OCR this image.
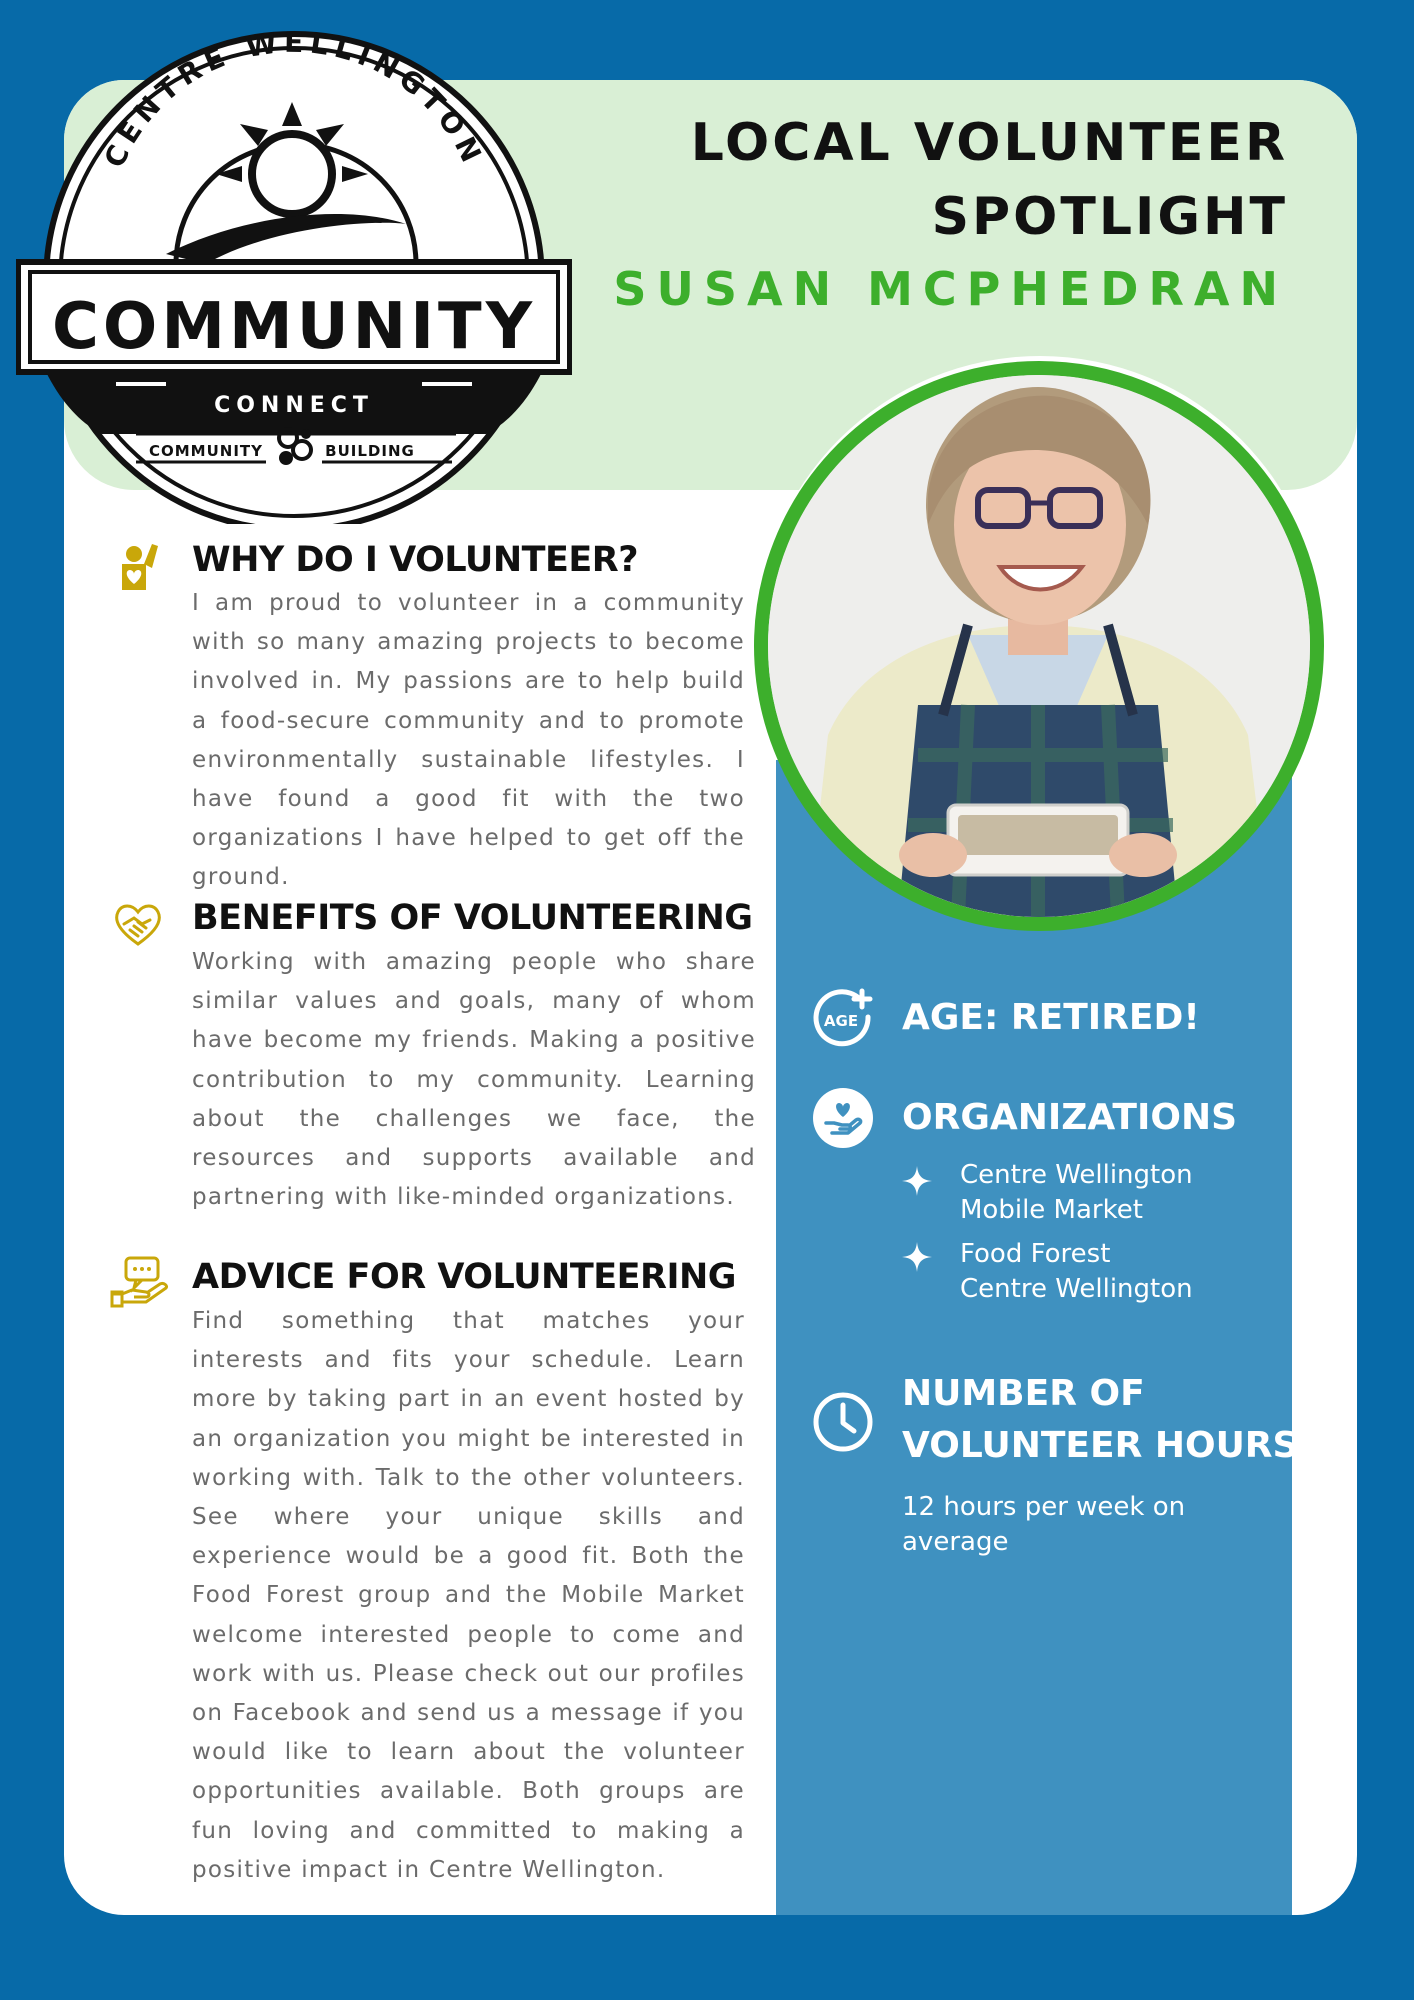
CENTRE WELLINGTON
COMMUNITY
CONNECT
COMMUNITY	BUILDING
LOCAL VOLUNTEER
SPOTLIGHT
SUSAN MCPHEDRAN
WHY DO I VOLUNTEER?
I am proud to volunteer in a community with so many amazing projects to become involved in. My passions are to help build a food-secure community and to promote environmentally sustainable lifestyles. I have found a good fit with the two organizations I have helped to get off the ground.
BENEFITS OF VOLUNTEERING
Working with amazing people who share similar values and goals, many of whom have become my friends. Making a positive contribution to my community. Learning about the challenges we face, the resources and supports available and partnering with like-minded organizations.
ADVICE FOR VOLUNTEERING
Find something that matches your interests and fits your schedule. Learn more by taking part in an event hosted by an organization you might be interested in working with. Talk to the other volunteers. See where your unique skills and experience would be a good fit. Both the Food Forest group and the Mobile Market welcome interested people to come and work with us. Please check out our profiles on Facebook and send us a message if you would like to learn about the volunteer opportunities available. Both groups are fun loving and committed to making a positive impact in Centre Wellington.
AGE AGE: RETIRED!
ORGANIZATIONS
Centre Wellington
Mobile Market
Food Forest
Centre Wellington
NUMBER OF
VOLUNTEER HOURS
12 hours per week on
average
